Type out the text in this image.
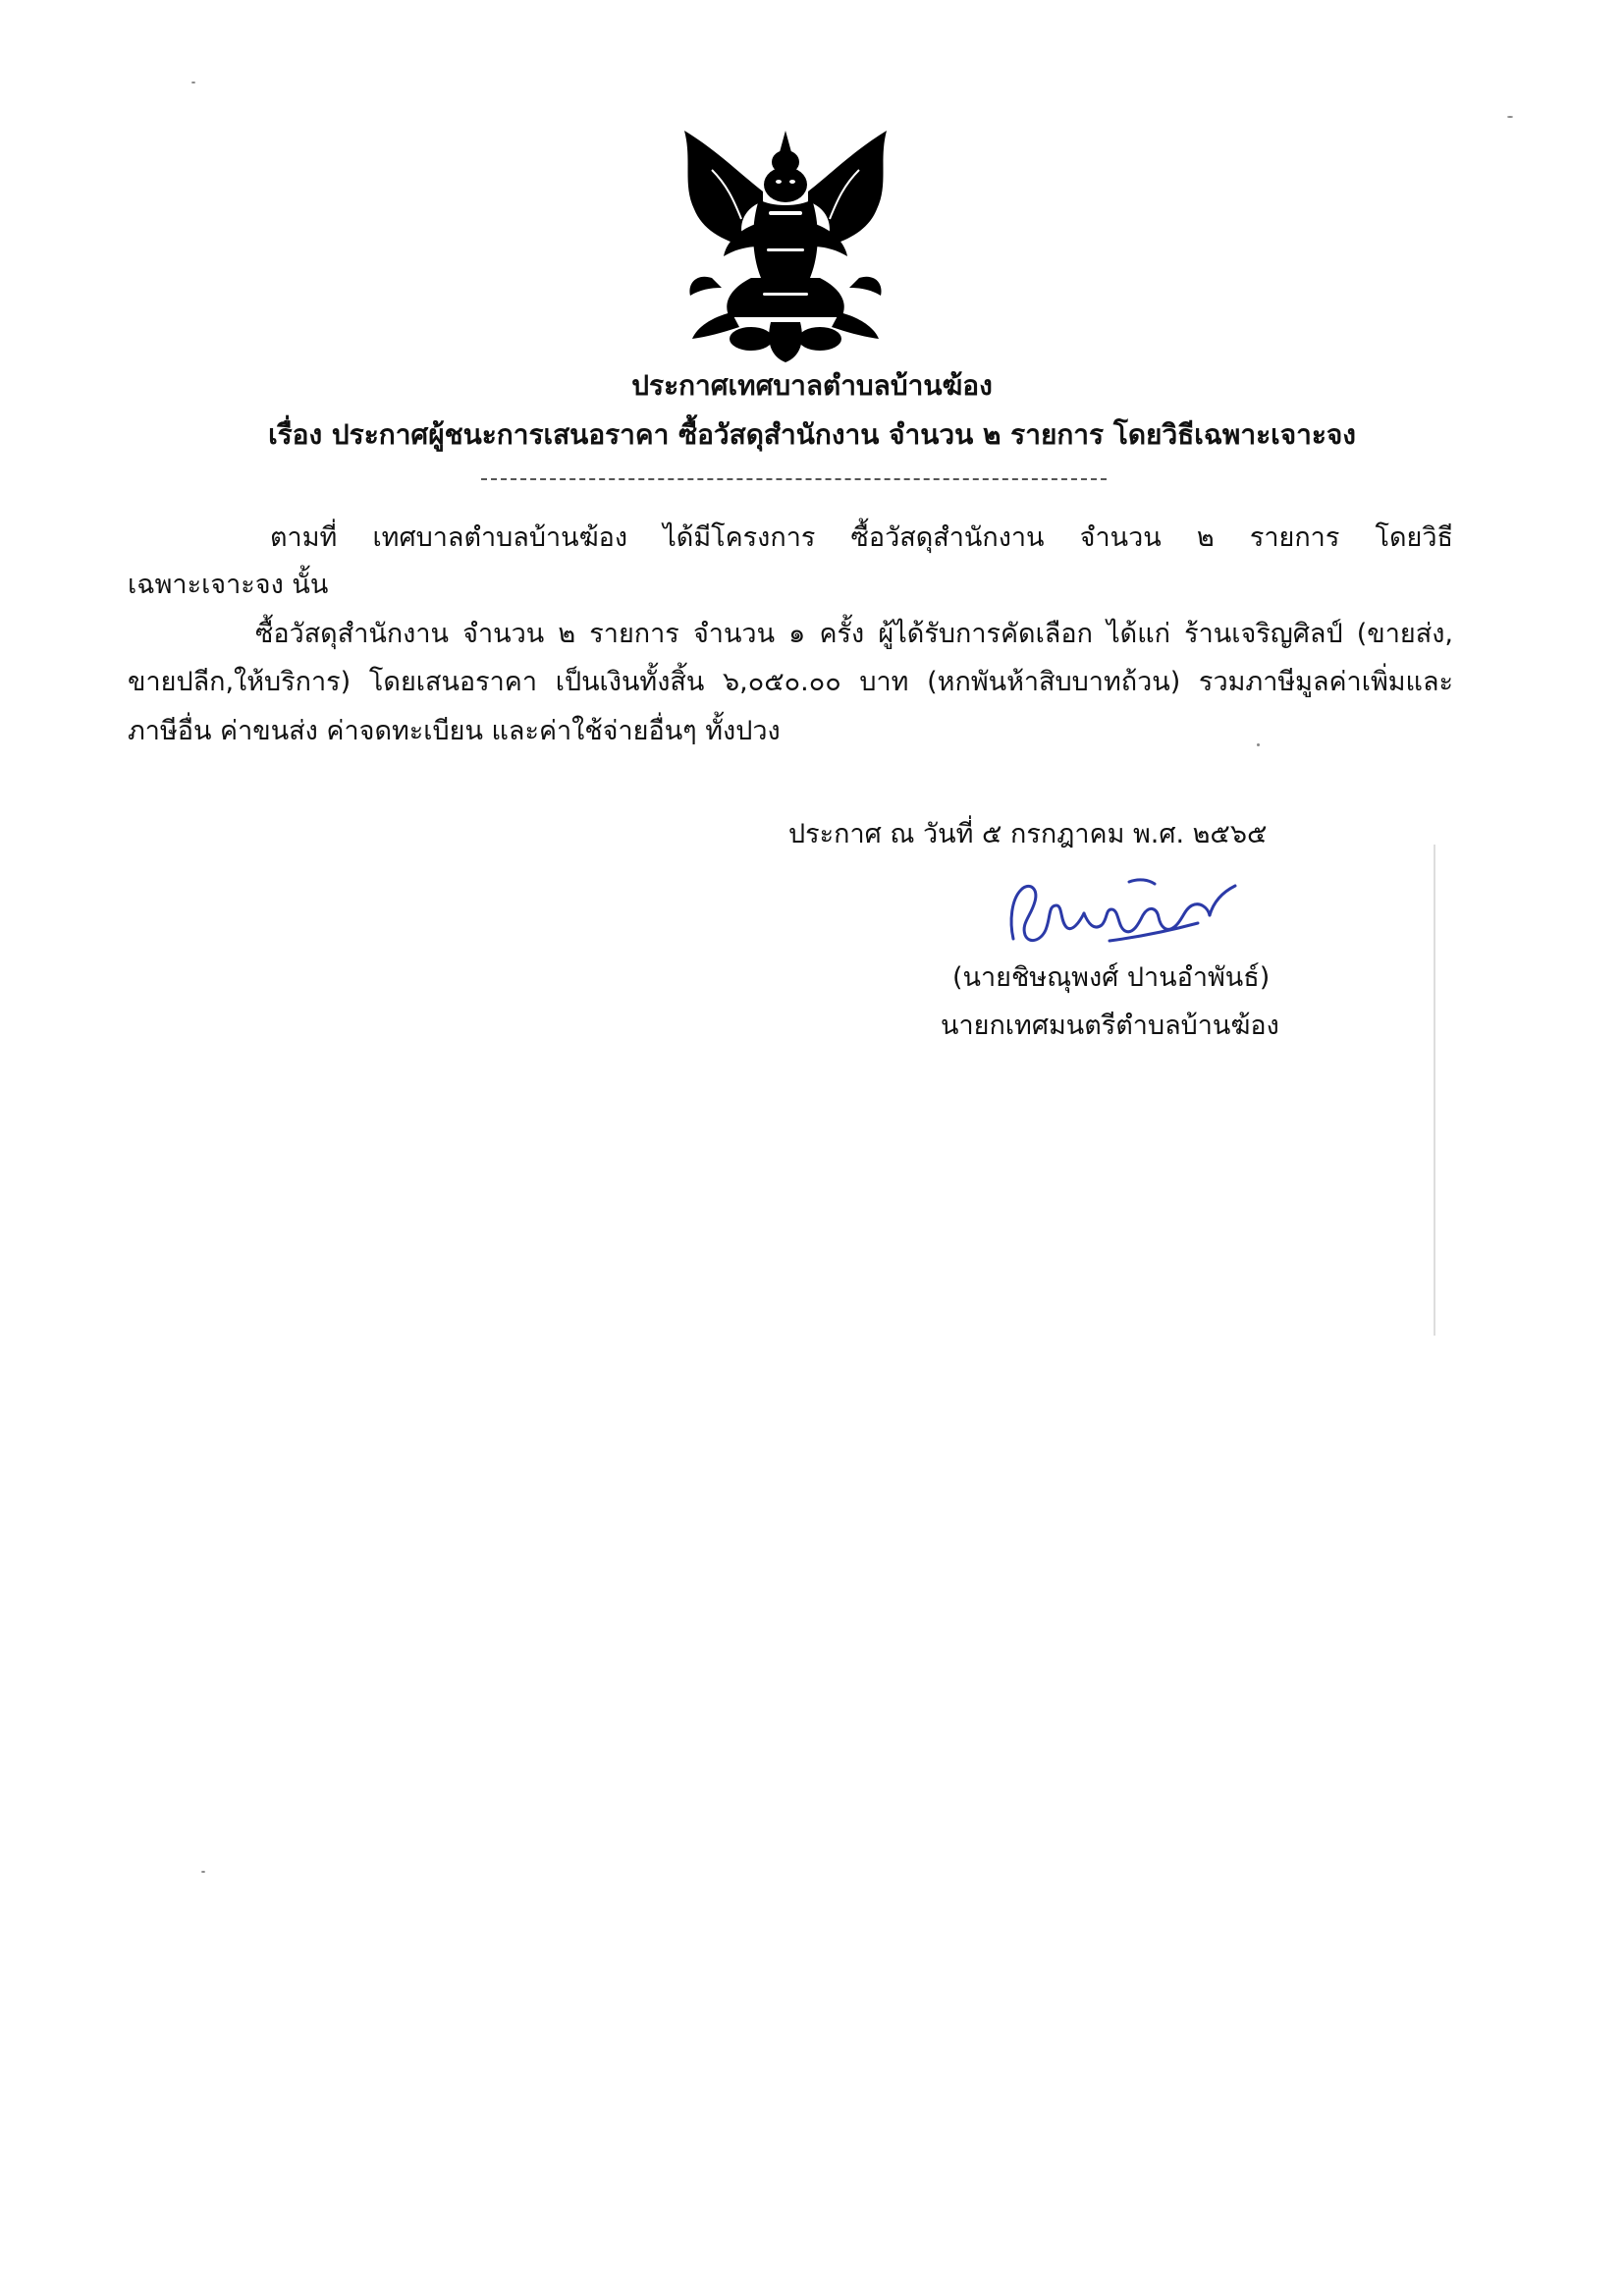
ประกาศเทศบาลตำบลบ้านฆ้อง
เรื่อง ประกาศผู้ชนะการเสนอราคา ซื้อวัสดุสำนักงาน จำนวน ๒ รายการ โดยวิธีเฉพาะเจาะจง
ตามที่ เทศบาลตำบลบ้านฆ้อง ได้มีโครงการ ซื้อวัสดุสำนักงาน จำนวน ๒ รายการ โดยวิธี
เฉพาะเจาะจง นั้น
ซื้อวัสดุสำนักงาน จำนวน ๒ รายการ จำนวน ๑ ครั้ง ผู้ได้รับการคัดเลือก ได้แก่ ร้านเจริญศิลป์ (ขายส่ง,
ขายปลีก,ให้บริการ) โดยเสนอราคา เป็นเงินทั้งสิ้น ๖,๐๕๐.๐๐ บาท (หกพันห้าสิบบาทถ้วน) รวมภาษีมูลค่าเพิ่มและ
ภาษีอื่น ค่าขนส่ง ค่าจดทะเบียน และค่าใช้จ่ายอื่นๆ ทั้งปวง
ประกาศ ณ วันที่ ๕ กรกฎาคม พ.ศ. ๒๕๖๕
(นายชิษณุพงศ์ ปานอำพันธ์)
นายกเทศมนตรีตำบลบ้านฆ้อง
